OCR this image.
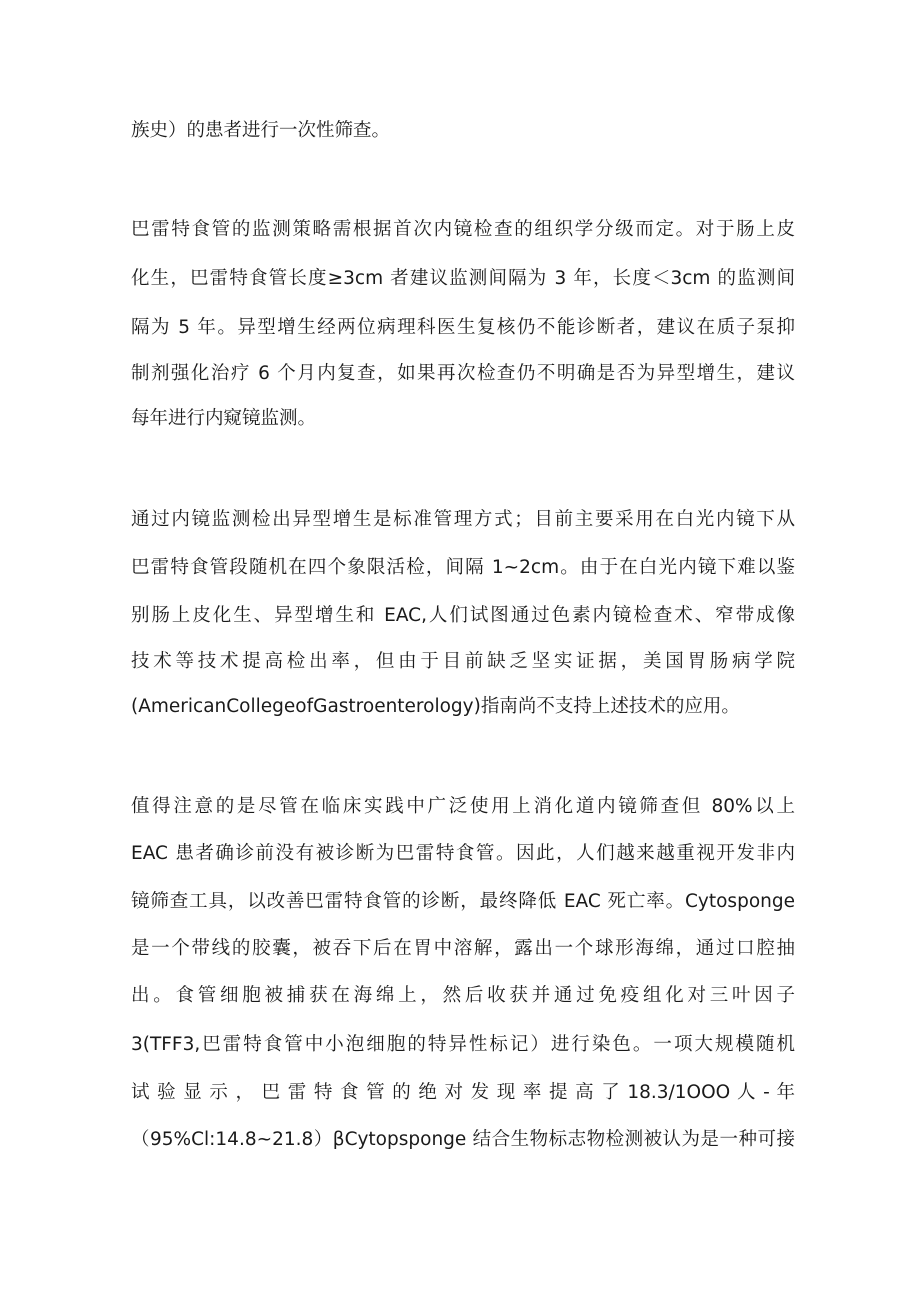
族史）的患者进行一次性筛查。

巴雷特食管的监测策略需根据首次内镜检查的组织学分级而定。对于肠上皮

化生，巴雷特食管长度≥3cm 者建议监测间隔为 3 年，长度＜3cm 的监测间

隔为 5 年。异型增生经两位病理科医生复核仍不能诊断者，建议在质子泵抑

制剂强化治疗 6 个月内复查，如果再次检查仍不明确是否为异型增生，建议

每年进行内窥镜监测。

通过内镜监测检出异型增生是标准管理方式；目前主要采用在白光内镜下从

巴雷特食管段随机在四个象限活检，间隔 1~2cm。由于在白光内镜下难以鉴

别肠上皮化生、异型增生和 EAC,人们试图通过色素内镜检查术、窄带成像

技术等技术提高检出率，但由于目前缺乏坚实证据，美国胃肠病学院

(AmericanCollegeofGastroenterology)指南尚不支持上述技术的应用。

值得注意的是尽管在临床实践中广泛使用上消化道内镜筛查但 80%以上

EAC 患者确诊前没有被诊断为巴雷特食管。因此，人们越来越重视开发非内

镜筛查工具，以改善巴雷特食管的诊断，最终降低 EAC 死亡率。Cytosponge

是一个带线的胶囊，被吞下后在胃中溶解，露出一个球形海绵，通过口腔抽

出。食管细胞被捕获在海绵上，然后收获并通过免疫组化对三叶因子

3(TFF3,巴雷特食管中小泡细胞的特异性标记）进行染色。一项大规模随机

试 验 显 示 ， 巴 雷 特 食 管 的 绝 对 发 现 率 提 高 了 18.3/1OOO 人 - 年

（95%Cl:14.8~21.8）βCytopsponge 结合生物标志物检测被认为是一种可接
